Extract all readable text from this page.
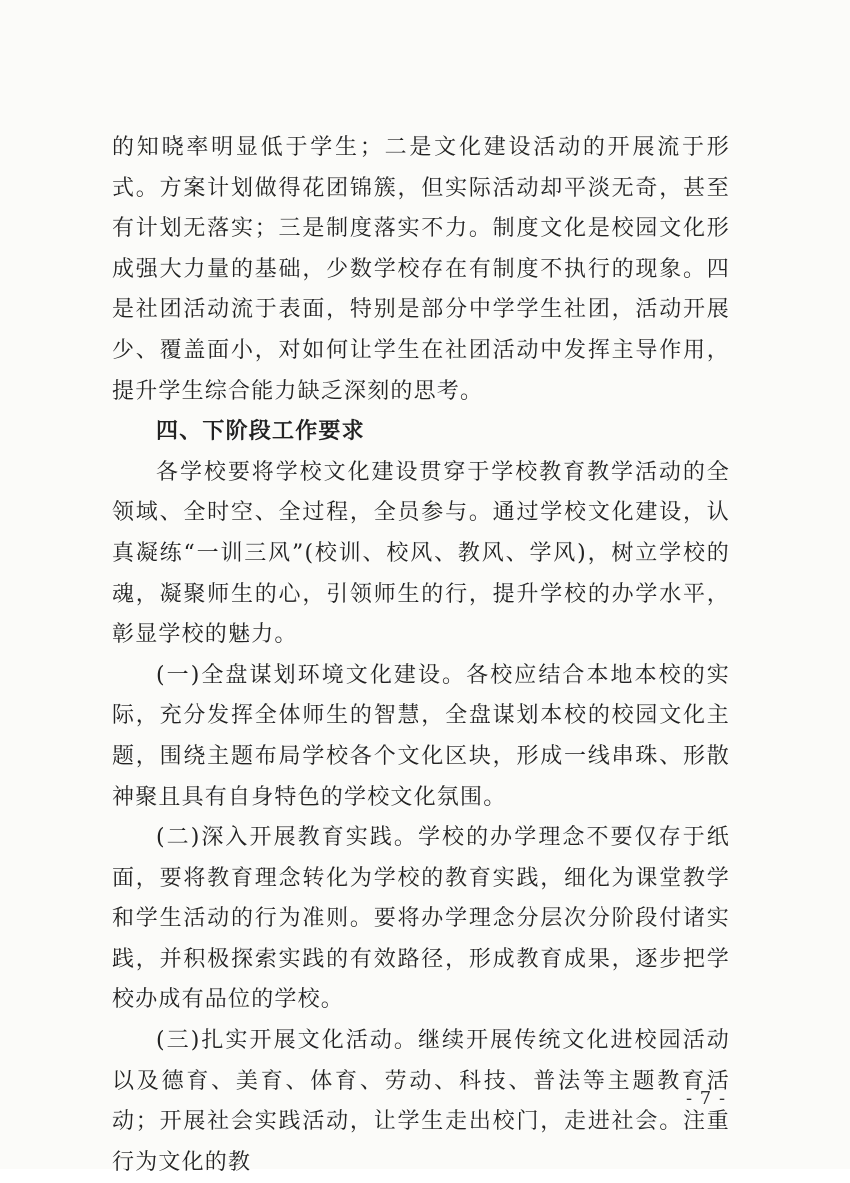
的知晓率明显低于学生；二是文化建设活动的开展流于形式。方案计划做得花团锦簇，但实际活动却平淡无奇，甚至有计划无落实；三是制度落实不力。制度文化是校园文化形成强大力量的基础，少数学校存在有制度不执行的现象。四是社团活动流于表面，特别是部分中学学生社团，活动开展少、覆盖面小，对如何让学生在社团活动中发挥主导作用，提升学生综合能力缺乏深刻的思考。

四、下阶段工作要求

各学校要将学校文化建设贯穿于学校教育教学活动的全领域、全时空、全过程，全员参与。通过学校文化建设，认真凝练“一训三风”(校训、校风、教风、学风)，树立学校的魂，凝聚师生的心，引领师生的行，提升学校的办学水平，彰显学校的魅力。

(一)全盘谋划环境文化建设。各校应结合本地本校的实际，充分发挥全体师生的智慧，全盘谋划本校的校园文化主题，围绕主题布局学校各个文化区块，形成一线串珠、形散神聚且具有自身特色的学校文化氛围。

(二)深入开展教育实践。学校的办学理念不要仅存于纸面，要将教育理念转化为学校的教育实践，细化为课堂教学和学生活动的行为准则。要将办学理念分层次分阶段付诸实践，并积极探索实践的有效路径，形成教育成果，逐步把学校办成有品位的学校。

(三)扎实开展文化活动。继续开展传统文化进校园活动以及德育、美育、体育、劳动、科技、普法等主题教育活动；开展社会实践活动，让学生走出校门，走进社会。注重行为文化的教

- 7 -
